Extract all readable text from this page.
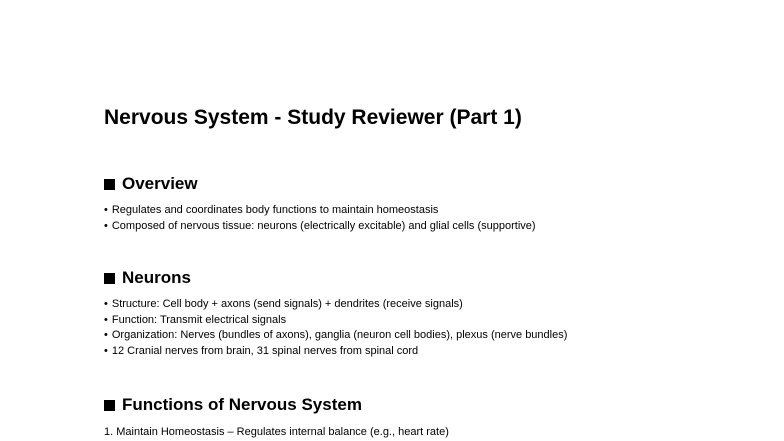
Nervous System - Study Reviewer (Part 1)
Overview
• Regulates and coordinates body functions to maintain homeostasis
• Composed of nervous tissue: neurons (electrically excitable) and glial cells (supportive)
Neurons
• Structure: Cell body + axons (send signals) + dendrites (receive signals)
• Function: Transmit electrical signals
• Organization: Nerves (bundles of axons), ganglia (neuron cell bodies), plexus (nerve bundles)
• 12 Cranial nerves from brain, 31 spinal nerves from spinal cord
Functions of Nervous System
1. Maintain Homeostasis – Regulates internal balance (e.g., heart rate)
